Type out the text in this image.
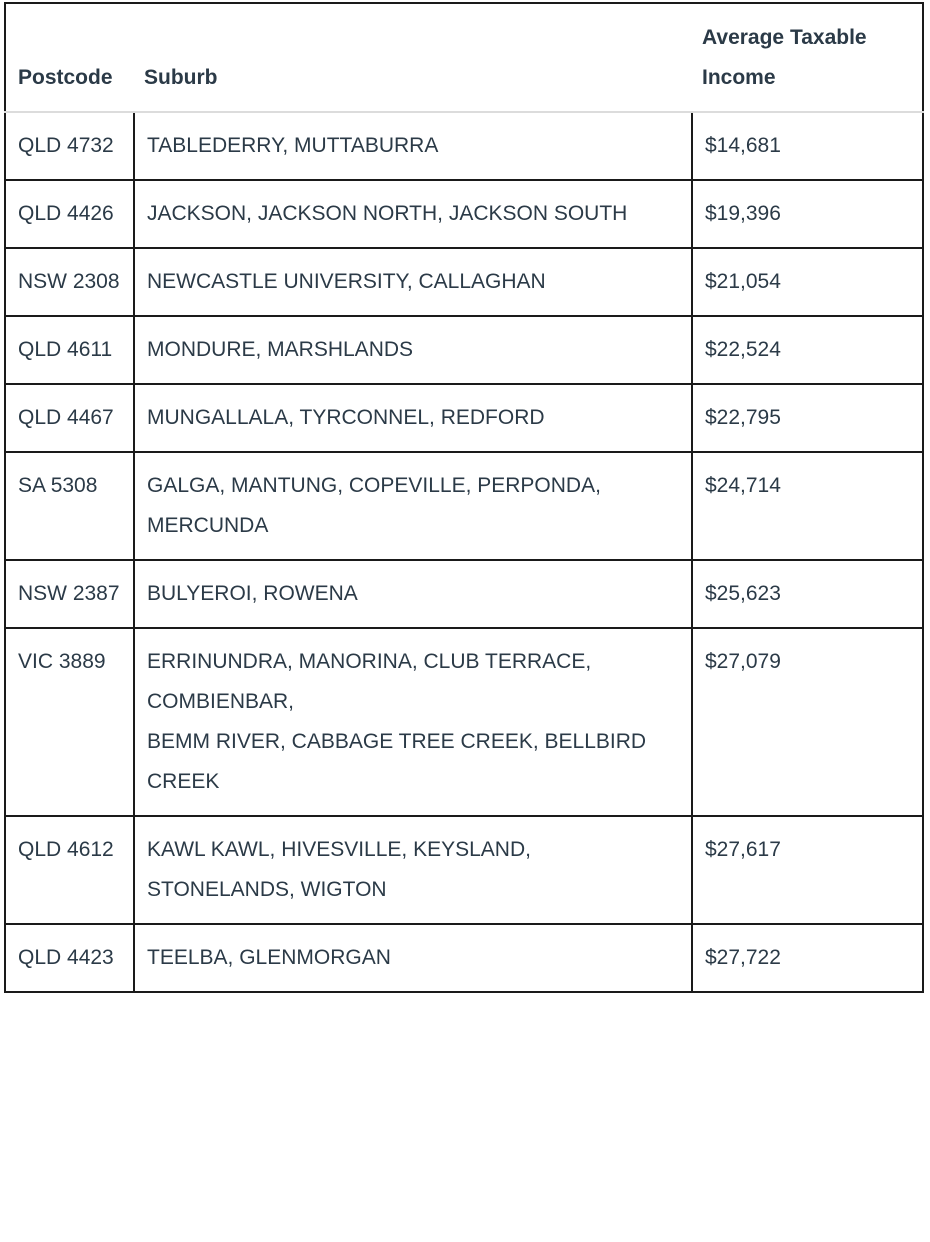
Postcode	Suburb	Average Taxable
Income

QLD 4732	TABLEDERRY, MUTTABURRA	$14,681
QLD 4426	JACKSON, JACKSON NORTH, JACKSON SOUTH	$19,396
NSW 2308	NEWCASTLE UNIVERSITY, CALLAGHAN	$21,054
QLD 4611	MONDURE, MARSHLANDS	$22,524
QLD 4467	MUNGALLALA, TYRCONNEL, REDFORD	$22,795
SA 5308	GALGA, MANTUNG, COPEVILLE, PERPONDA, MERCUNDA	$24,714
NSW 2387	BULYEROI, ROWENA	$25,623
VIC 3889	ERRINUNDRA, MANORINA, CLUB TERRACE, COMBIENBAR,
BEMM RIVER, CABBAGE TREE CREEK, BELLBIRD CREEK	$27,079
QLD 4612	KAWL KAWL, HIVESVILLE, KEYSLAND, STONELANDS, WIGTON	$27,617
QLD 4423	TEELBA, GLENMORGAN	$27,722
